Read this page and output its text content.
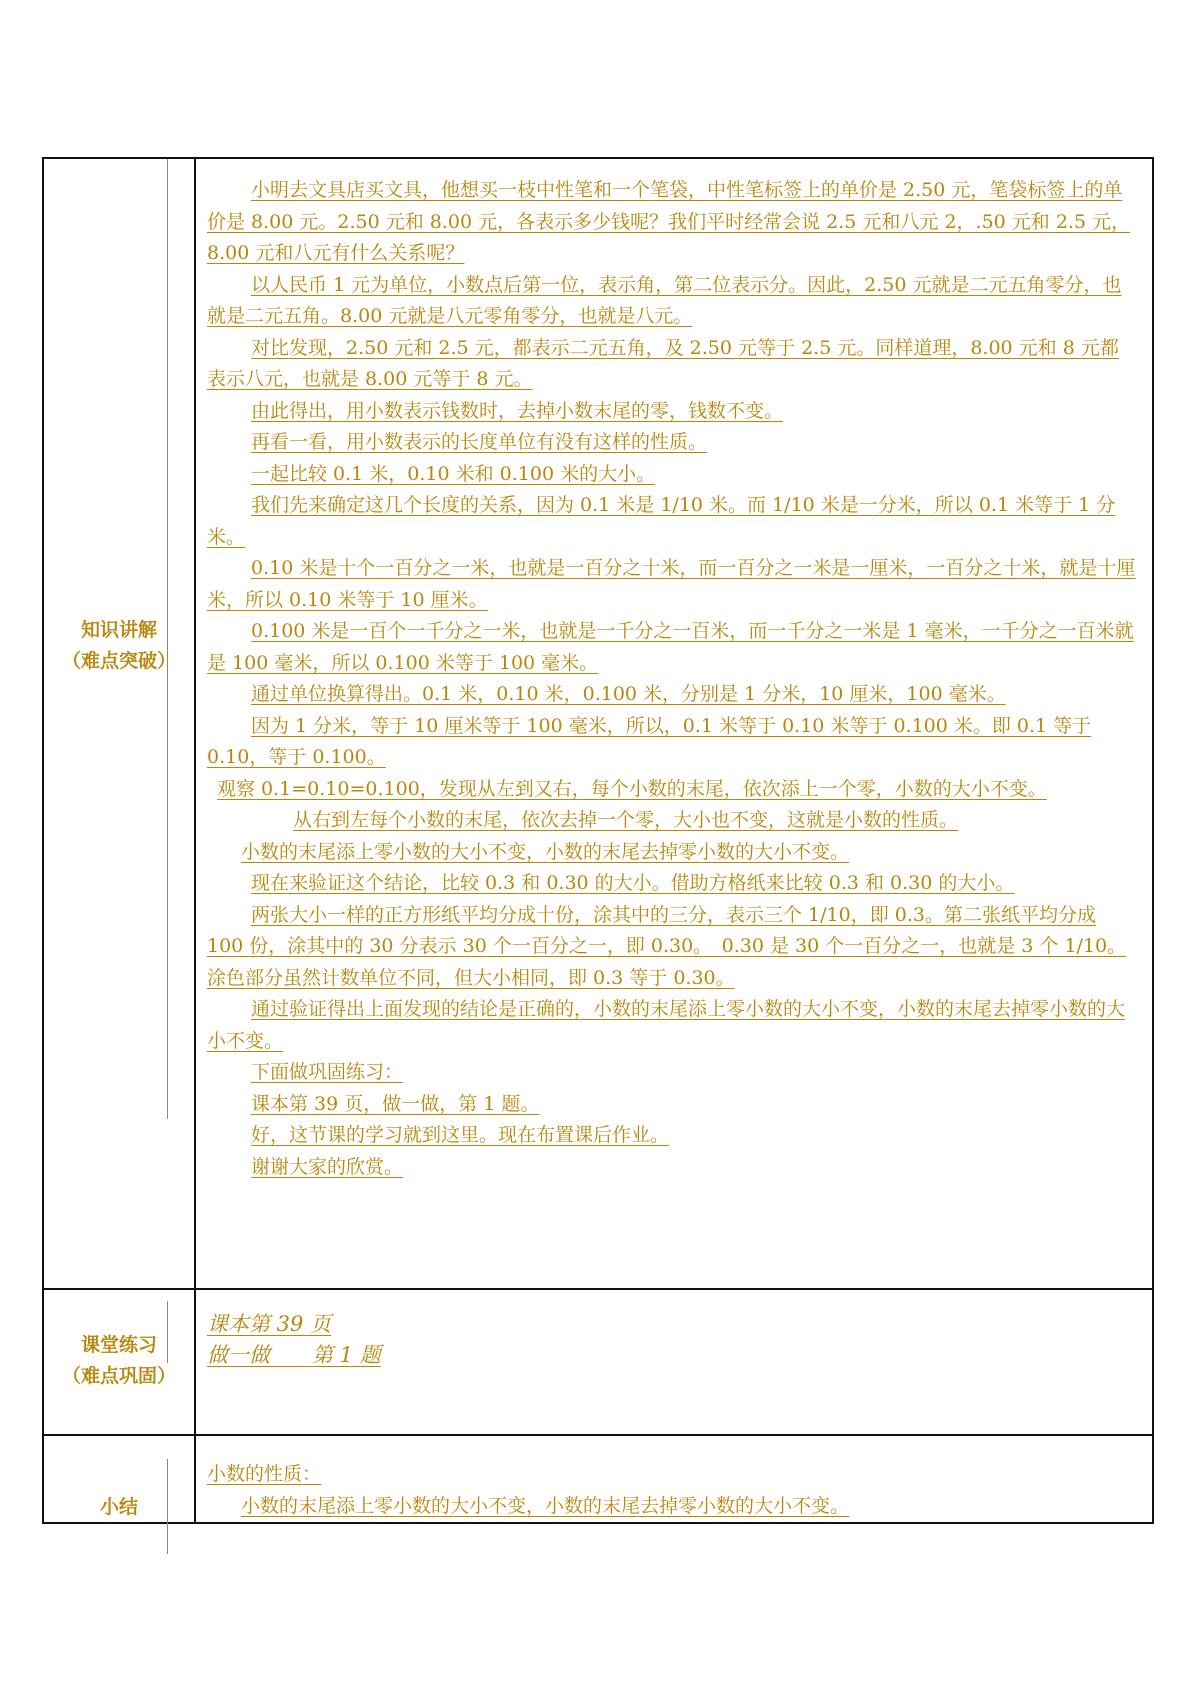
知识讲解
（难点突破）

小明去文具店买文具，他想买一枝中性笔和一个笔袋，中性笔标签上的单价是 2.50 元，笔袋标签上的单价是 8.00 元。2.50 元和 8.00 元，各表示多少钱呢？我们平时经常会说 2.5 元和八元 2，.50 元和 2.5 元，8.00 元和八元有什么关系呢？

以人民币 1 元为单位，小数点后第一位，表示角，第二位表示分。因此，2.50 元就是二元五角零分，也就是二元五角。8.00 元就是八元零角零分，也就是八元。

对比发现，2.50 元和 2.5 元，都表示二元五角，及 2.50 元等于 2.5 元。同样道理，8.00 元和 8 元都表示八元，也就是 8.00 元等于 8 元。

由此得出，用小数表示钱数时，去掉小数末尾的零，钱数不变。

再看一看，用小数表示的长度单位有没有这样的性质。

一起比较 0.1 米，0.10 米和 0.100 米的大小。

我们先来确定这几个长度的关系，因为 0.1 米是 1/10 米。而 1/10 米是一分米，所以 0.1 米等于 1 分米。

0.10 米是十个一百分之一米，也就是一百分之十米，而一百分之一米是一厘米，一百分之十米，就是十厘米，所以 0.10 米等于 10 厘米。

0.100 米是一百个一千分之一米，也就是一千分之一百米，而一千分之一米是 1 毫米，一千分之一百米就是 100 毫米，所以 0.100 米等于 100 毫米。

通过单位换算得出。0.1 米，0.10 米，0.100 米，分别是 1 分米，10 厘米，100 毫米。

因为 1 分米，等于 10 厘米等于 100 毫米，所以，0.1 米等于 0.10 米等于 0.100 米。即 0.1 等于 0.10，等于 0.100。

观察 0.1=0.10=0.100，发现从左到又右，每个小数的末尾，依次添上一个零，小数的大小不变。

从右到左每个小数的末尾，依次去掉一个零，大小也不变，这就是小数的性质。

小数的末尾添上零小数的大小不变，小数的末尾去掉零小数的大小不变。

现在来验证这个结论，比较 0.3 和 0.30 的大小。借助方格纸来比较 0.3 和 0.30 的大小。

两张大小一样的正方形纸平均分成十份，涂其中的三分，表示三个 1/10，即 0.3。第二张纸平均分成 100 份，涂其中的 30 分表示 30 个一百分之一，即 0.30。　0.30 是 30 个一百分之一，也就是 3 个 1/10。涂色部分虽然计数单位不同，但大小相同，即 0.3 等于 0.30。

通过验证得出上面发现的结论是正确的，小数的末尾添上零小数的大小不变，小数的末尾去掉零小数的大小不变。

下面做巩固练习：

课本第 39 页，做一做，第 1 题。

好，这节课的学习就到这里。现在布置课后作业。

谢谢大家的欣赏。

课堂练习
（难点巩固）

课本第 39 页

做一做　　第 1 题

小结

小数的性质：

小数的末尾添上零小数的大小不变，小数的末尾去掉零小数的大小不变。
